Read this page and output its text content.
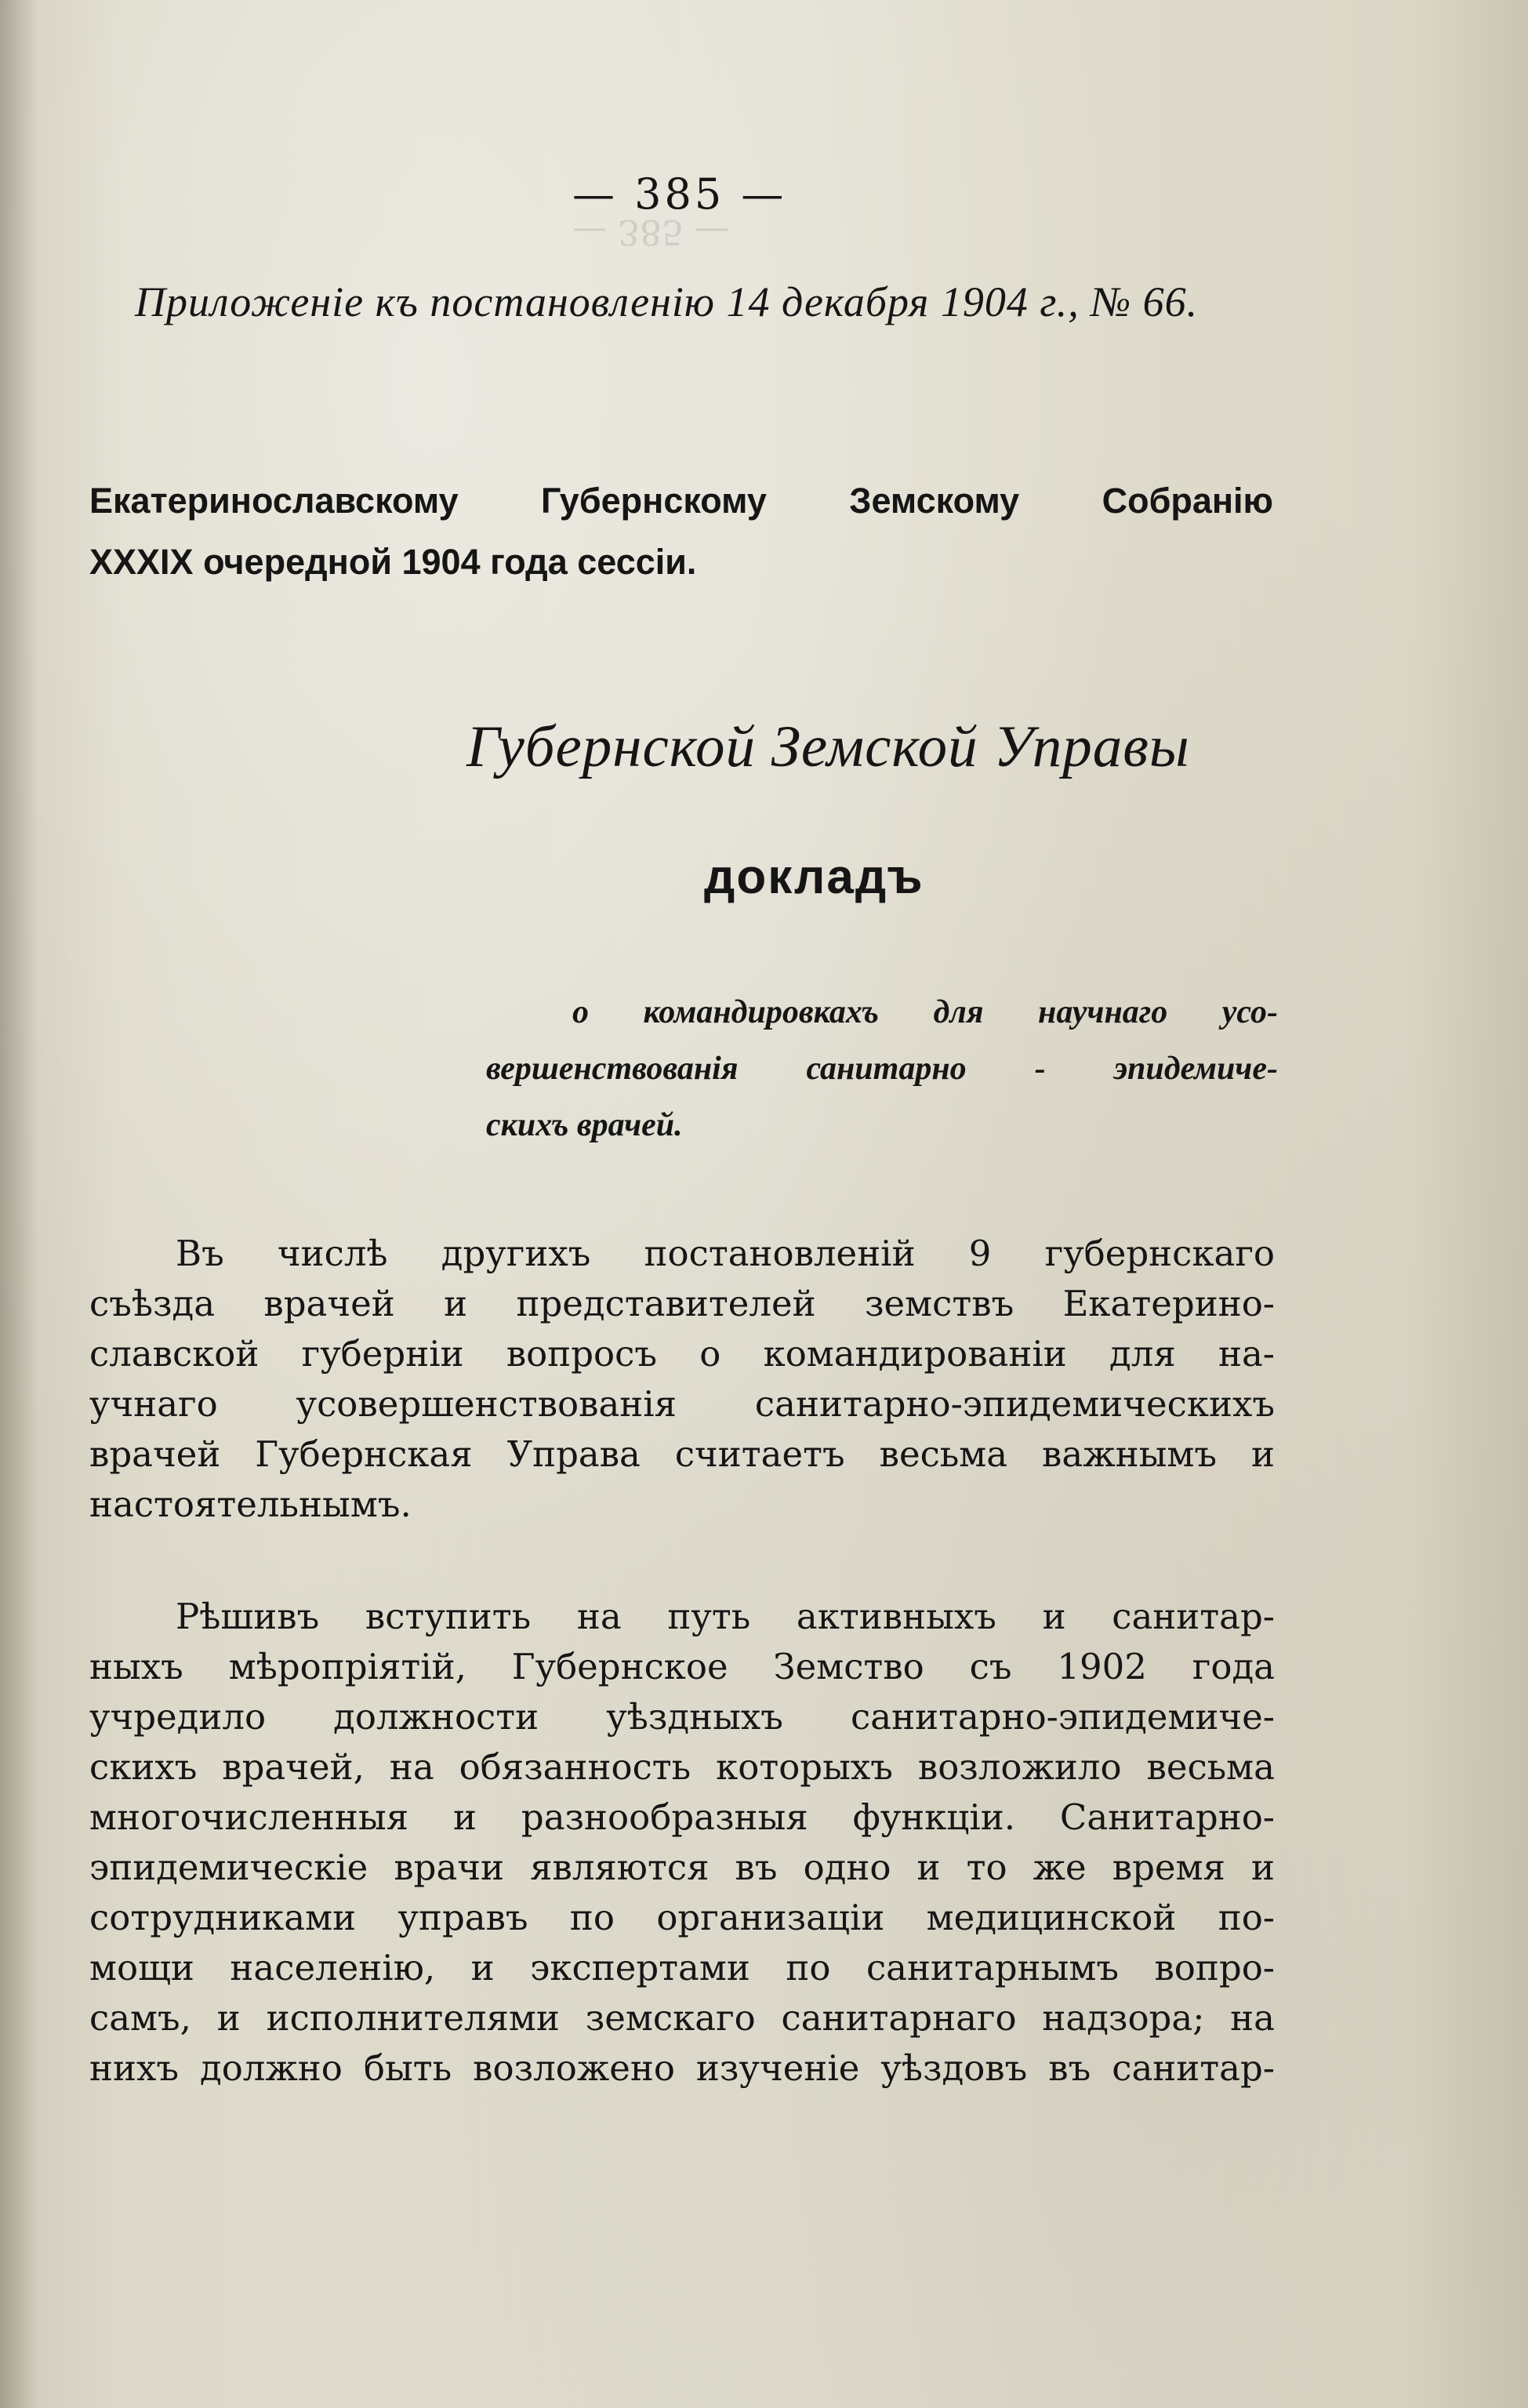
— 385 —
— 385 —
Приложеніе къ постановленію 14 декабря 1904 г., № 66.
Екатеринославскому Губернскому Земскому Собранію
XXXIX очередной 1904 года сессіи.
Губернской Земской Управы
докладъ
о командировкахъ для научнаго усо-
вершенствованія санитарно - эпидемиче-
скихъ врачей.
Въ числѣ другихъ постановленій 9 губернскаго
съѣзда врачей и представителей земствъ Екатерино-
славской губерніи вопросъ о командированіи для на-
учнаго усовершенствованія санитарно-эпидемическихъ
врачей Губернская Управа считаетъ весьма важнымъ и
настоятельнымъ.
Рѣшивъ вступить на путь активныхъ и санитар-
ныхъ мѣропріятій, Губернское Земство съ 1902 года
учредило должности уѣздныхъ санитарно-эпидемиче-
скихъ врачей, на обязанность которыхъ возложило весьма
многочисленныя и разнообразныя функціи. Санитарно-
эпидемическіе врачи являются въ одно и то же время и
сотрудниками управъ по организаціи медицинской по-
мощи населенію, и экспертами по санитарнымъ вопро-
самъ, и исполнителями земскаго санитарнаго надзора; на
нихъ должно быть возложено изученіе уѣздовъ въ санитар-
